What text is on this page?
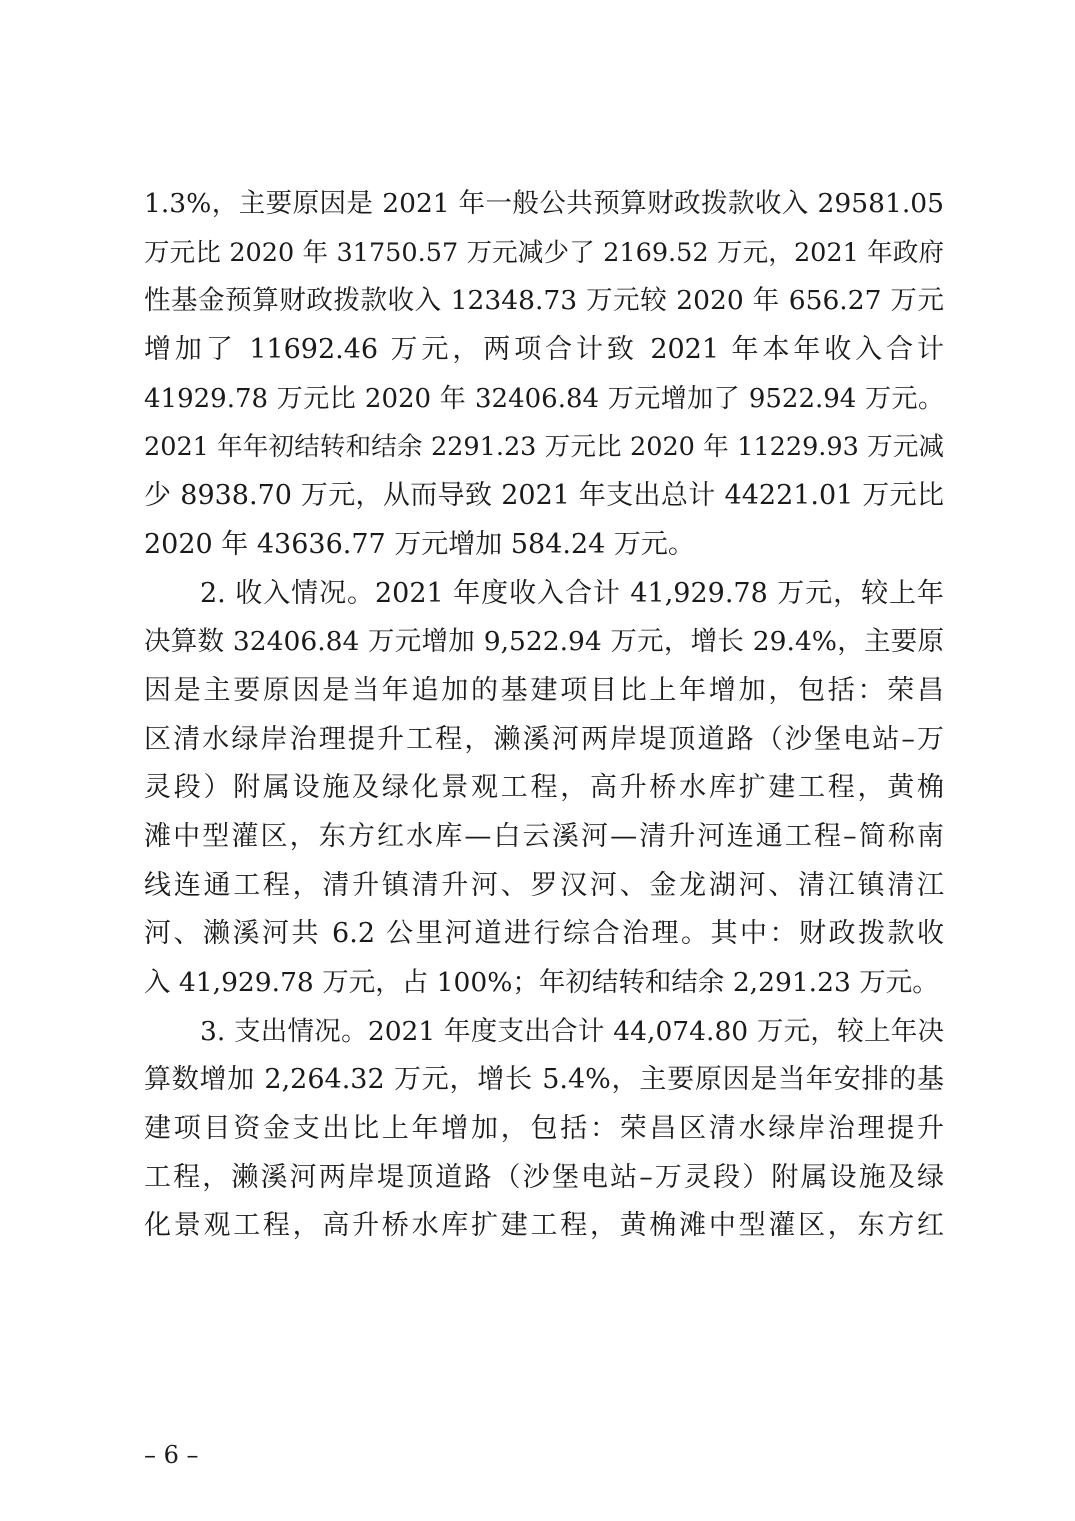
1.3%，主要原因是 2021 年一般公共预算财政拨款收入 29581.05
万元比 2020 年 31750.57 万元减少了 2169.52 万元，2021 年政府
性基金预算财政拨款收入 12348.73 万元较 2020 年 656.27 万元
增加了 11692.46 万元，两项合计致 2021 年本年收入合计
41929.78 万元比 2020 年 32406.84 万元增加了 9522.94 万元。
2021 年年初结转和结余 2291.23 万元比 2020 年 11229.93 万元减
少 8938.70 万元，从而导致 2021 年支出总计 44221.01 万元比
2020 年 43636.77 万元增加 584.24 万元。
2. 收入情况。2021 年度收入合计 41,929.78 万元，较上年
决算数 32406.84 万元增加 9,522.94 万元，增长 29.4%，主要原
因是主要原因是当年追加的基建项目比上年增加，包括：荣昌
区清水绿岸治理提升工程，濑溪河两岸堤顶道路（沙堡电站–万
灵段）附属设施及绿化景观工程，高升桥水库扩建工程，黄桷
滩中型灌区，东方红水库—白云溪河—清升河连通工程–简称南
线连通工程，清升镇清升河、罗汉河、金龙湖河、清江镇清江
河、濑溪河共 6.2 公里河道进行综合治理。其中：财政拨款收
入 41,929.78 万元，占 100%；年初结转和结余 2,291.23 万元。
3. 支出情况。2021 年度支出合计 44,074.80 万元，较上年决
算数增加 2,264.32 万元，增长 5.4%，主要原因是当年安排的基
建项目资金支出比上年增加，包括：荣昌区清水绿岸治理提升
工程，濑溪河两岸堤顶道路（沙堡电站–万灵段）附属设施及绿
化景观工程，高升桥水库扩建工程，黄桷滩中型灌区，东方红
– 6 –
